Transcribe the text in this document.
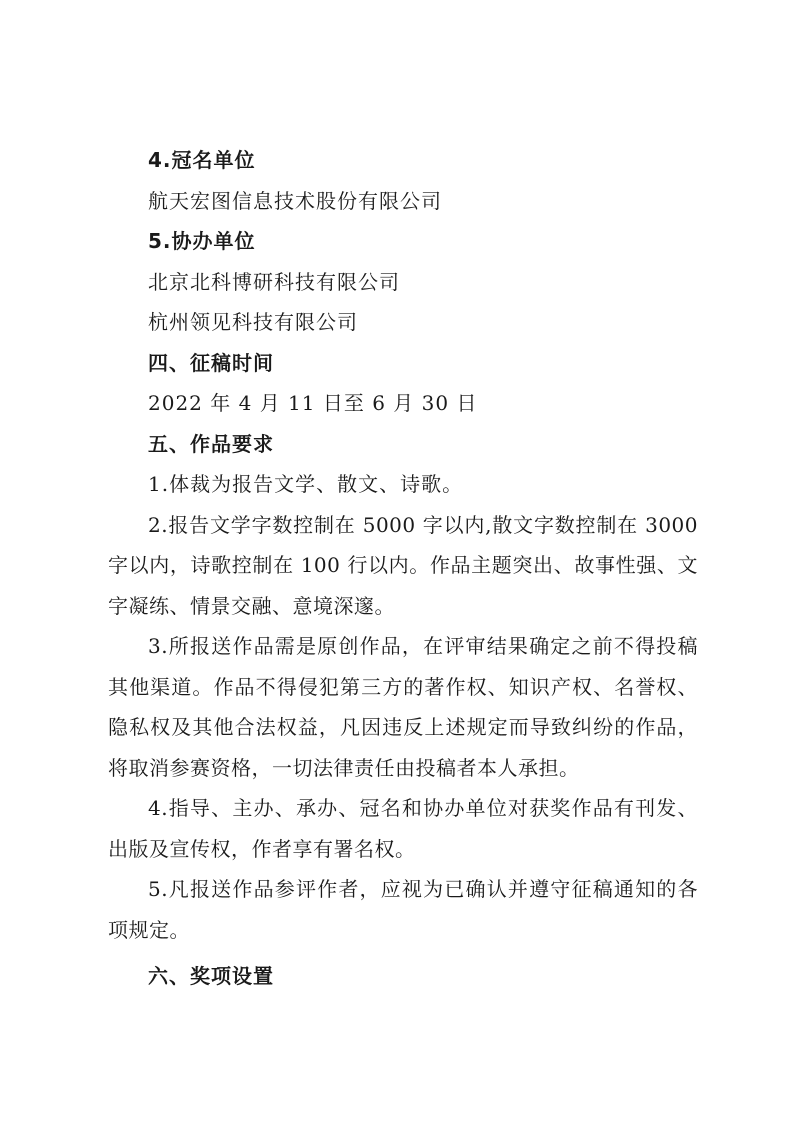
4.冠名单位
航天宏图信息技术股份有限公司
5.协办单位
北京北科博研科技有限公司
杭州领见科技有限公司
四、征稿时间
2022 年 4 月 11 日至 6 月 30 日
五、作品要求
1.体裁为报告文学、散文、诗歌。
2.报告文学字数控制在 5000 字以内,散文字数控制在 3000 字以内，诗歌控制在 100 行以内。作品主题突出、故事性强、文字凝练、情景交融、意境深邃。
3.所报送作品需是原创作品，在评审结果确定之前不得投稿其他渠道。作品不得侵犯第三方的著作权、知识产权、名誉权、隐私权及其他合法权益，凡因违反上述规定而导致纠纷的作品，将取消参赛资格，一切法律责任由投稿者本人承担。
4.指导、主办、承办、冠名和协办单位对获奖作品有刊发、出版及宣传权，作者享有署名权。
5.凡报送作品参评作者，应视为已确认并遵守征稿通知的各项规定。
六、奖项设置
